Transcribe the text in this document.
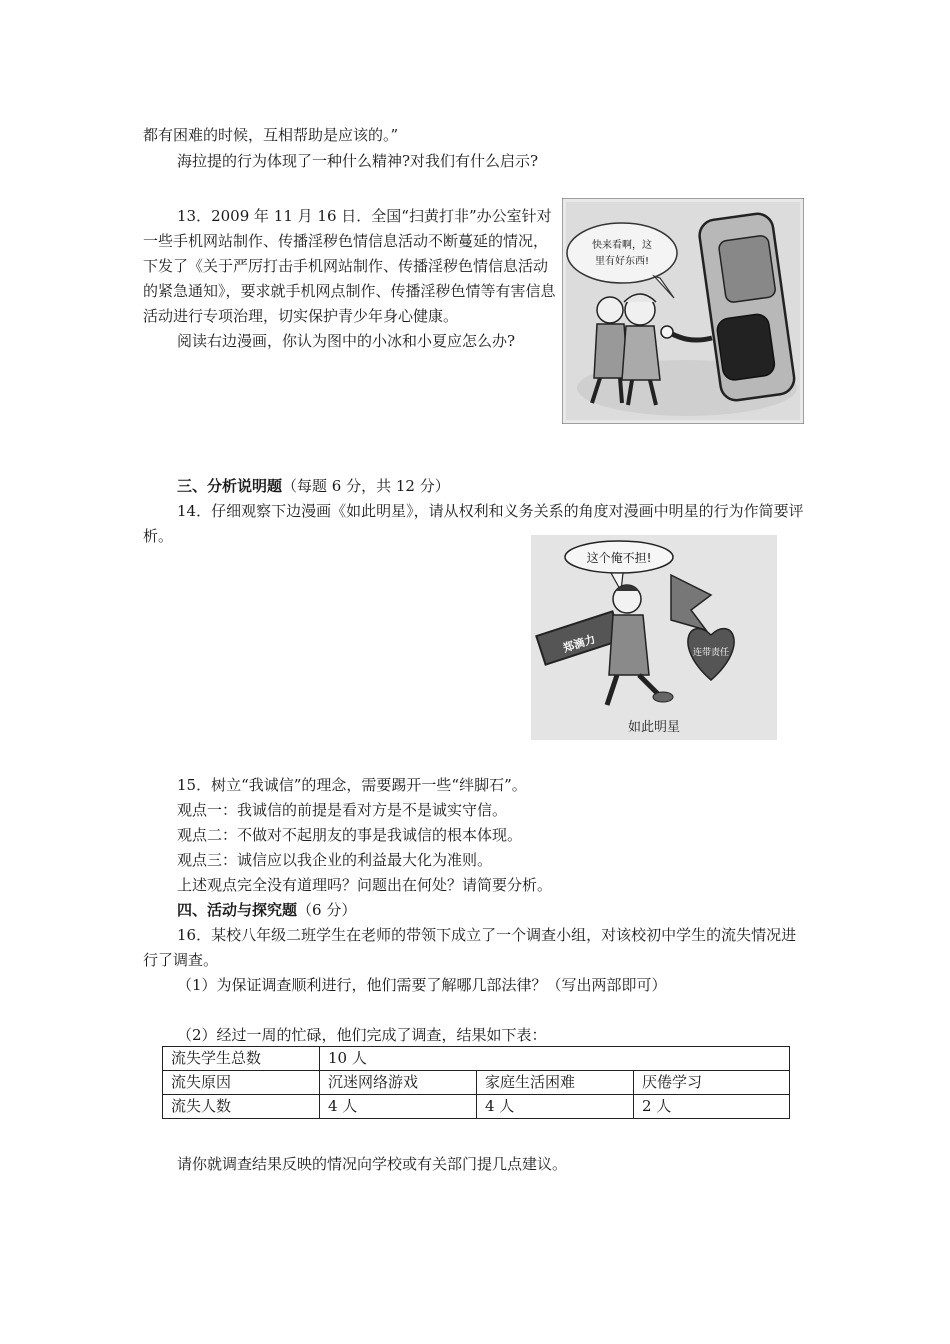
都有困难的时候，互相帮助是应该的。”

海拉提的行为体现了一种什么精神?对我们有什么启示?

13．2009 年 11 月 16 日．全国“扫黄打非”办公室针对一些手机网站制作、传播淫秽色情信息活动不断蔓延的情况，下发了《关于严厉打击手机网站制作、传播淫秽色情信息活动的紧急通知》，要求就手机网点制作、传播淫秽色情等有害信息活动进行专项治理，切实保护青少年身心健康。

阅读右边漫画，你认为图中的小冰和小夏应怎么办?

快来看啊，这
里有好东西!

三、分析说明题（每题 6 分，共 12 分）

14．仔细观察下边漫画《如此明星》，请从权利和义务关系的角度对漫画中明星的行为作简要评析。

这个俺不担!
郑滴力	连带责任
如此明星

15．树立“我诚信”的理念，需要踢开一些“绊脚石”。

观点一：我诚信的前提是看对方是不是诚实守信。

观点二：不做对不起朋友的事是我诚信的根本体现。

观点三：诚信应以我企业的利益最大化为准则。

上述观点完全没有道理吗？问题出在何处？请简要分析。

四、活动与探究题（6 分）

16．某校八年级二班学生在老师的带领下成立了一个调查小组，对该校初中学生的流失情况进行了调查。

（1）为保证调查顺利进行，他们需要了解哪几部法律？（写出两部即可）

（2）经过一周的忙碌，他们完成了调查，结果如下表：

流失学生总数	10 人		
流失原因	沉迷网络游戏	家庭生活困难	厌倦学习
流失人数	4 人	4 人	2 人

请你就调查结果反映的情况向学校或有关部门提几点建议。
